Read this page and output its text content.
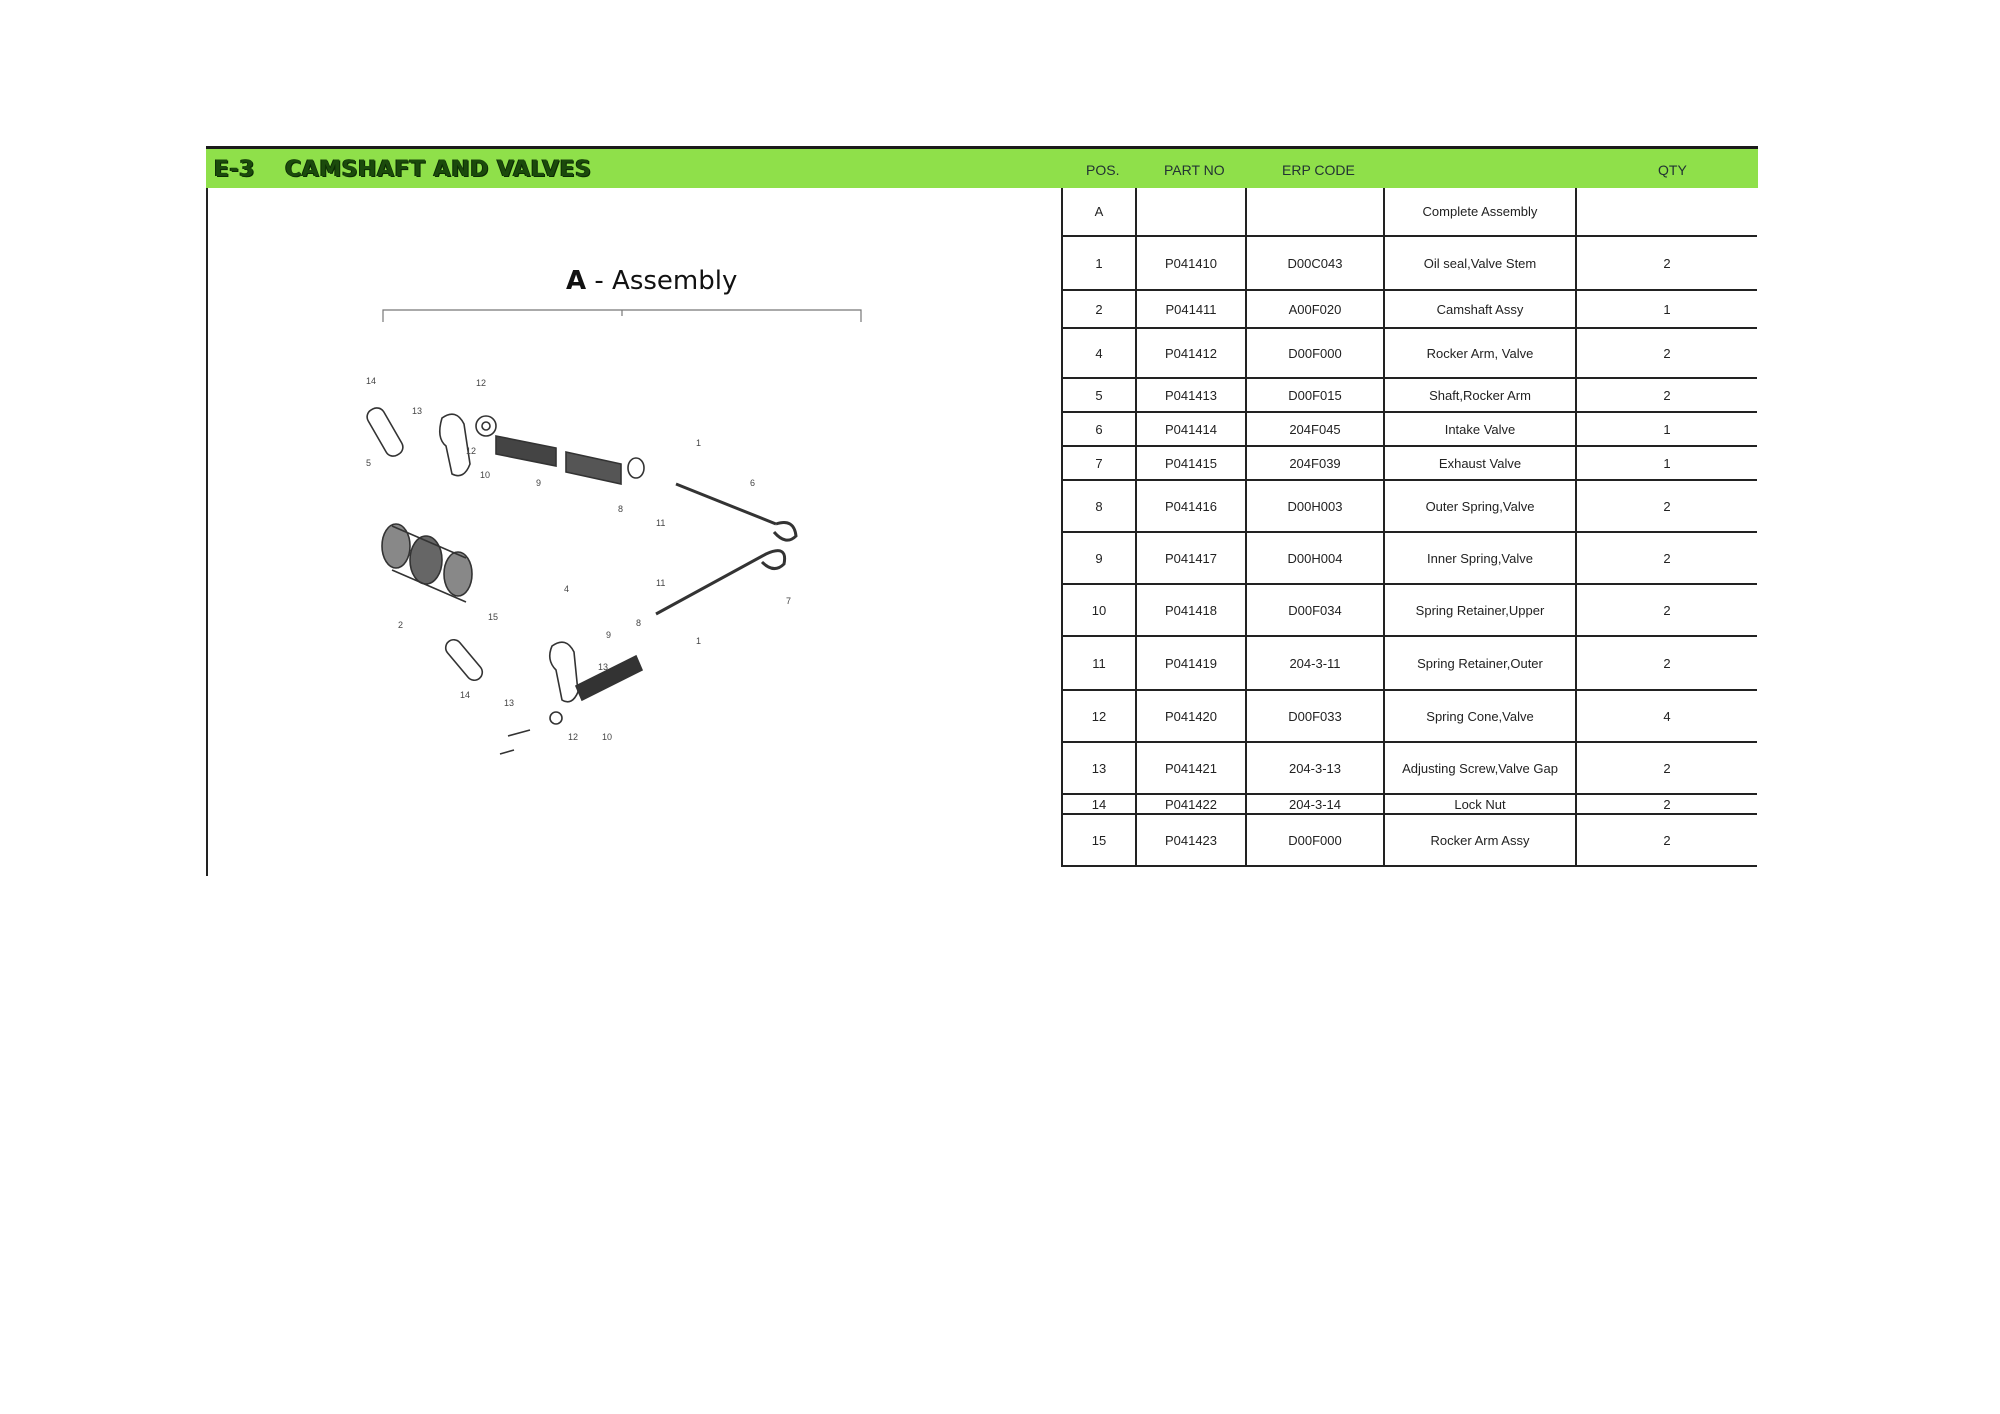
E-3 CAMSHAFT AND VALVES	POS.	PART NO	ERP CODE	QTY
A - Assembly
14	12
13
5
12
10
9
8
11
1
6
2
7
1
15
4
13
9
8
11
14
13
12	10
A			Complete Assembly	
1	P041410	D00C043	Oil seal,Valve Stem	2
2	P041411	A00F020	Camshaft Assy	1
4	P041412	D00F000	Rocker Arm, Valve	2
5	P041413	D00F015	Shaft,Rocker Arm	2
6	P041414	204F045	Intake Valve	1
7	P041415	204F039	Exhaust Valve	1
8	P041416	D00H003	Outer Spring,Valve	2
9	P041417	D00H004	Inner Spring,Valve	2
10	P041418	D00F034	Spring Retainer,Upper	2
11	P041419	204-3-11	Spring Retainer,Outer	2
12	P041420	D00F033	Spring Cone,Valve	4
13	P041421	204-3-13	Adjusting Screw,Valve Gap	2
14	P041422	204-3-14	Lock Nut	2
15	P041423	D00F000	Rocker Arm Assy	2
